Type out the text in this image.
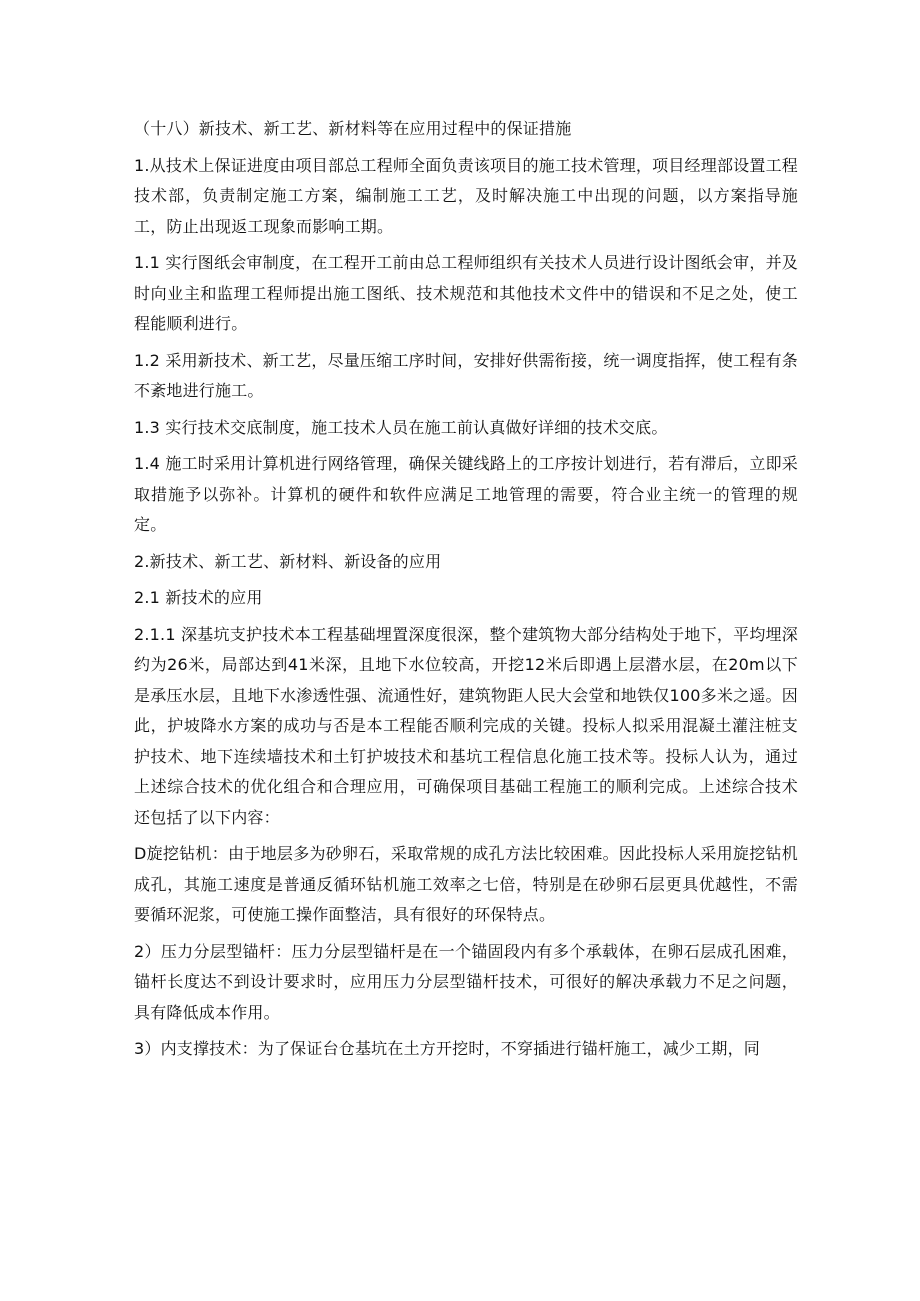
（十八）新技术、新工艺、新材料等在应用过程中的保证措施

1.从技术上保证进度由项目部总工程师全面负责该项目的施工技术管理，项目经理部设置工程技术部，负责制定施工方案，编制施工工艺，及时解决施工中出现的问题，以方案指导施工，防止出现返工现象而影响工期。

1.1 实行图纸会审制度，在工程开工前由总工程师组织有关技术人员进行设计图纸会审，并及时向业主和监理工程师提出施工图纸、技术规范和其他技术文件中的错误和不足之处，使工程能顺利进行。

1.2 采用新技术、新工艺，尽量压缩工序时间，安排好供需衔接，统一调度指挥，使工程有条不紊地进行施工。

1.3 实行技术交底制度，施工技术人员在施工前认真做好详细的技术交底。

1.4 施工时采用计算机进行网络管理，确保关键线路上的工序按计划进行，若有滞后，立即采取措施予以弥补。计算机的硬件和软件应满足工地管理的需要，符合业主统一的管理的规定。

2.新技术、新工艺、新材料、新设备的应用

2.1 新技术的应用

2.1.1 深基坑支护技术本工程基础埋置深度很深，整个建筑物大部分结构处于地下，平均埋深约为26米，局部达到41米深，且地下水位较高，开挖12米后即遇上层潜水层，在20m以下是承压水层，且地下水渗透性强、流通性好，建筑物距人民大会堂和地铁仅100多米之遥。因此，护坡降水方案的成功与否是本工程能否顺利完成的关键。投标人拟采用混凝土灌注桩支护技术、地下连续墙技术和土钉护坡技术和基坑工程信息化施工技术等。投标人认为，通过上述综合技术的优化组合和合理应用，可确保项目基础工程施工的顺利完成。上述综合技术还包括了以下内容：

D旋挖钻机：由于地层多为砂卵石，采取常规的成孔方法比较困难。因此投标人采用旋挖钻机成孔，其施工速度是普通反循环钻机施工效率之七倍，特别是在砂卵石层更具优越性，不需要循环泥浆，可使施工操作面整洁，具有很好的环保特点。

2）压力分层型锚杆：压力分层型锚杆是在一个锚固段内有多个承载体，在卵石层成孔困难，锚杆长度达不到设计要求时，应用压力分层型锚杆技术，可很好的解决承载力不足之问题，具有降低成本作用。

3）内支撑技术：为了保证台仓基坑在土方开挖时，不穿插进行锚杆施工，减少工期，同
